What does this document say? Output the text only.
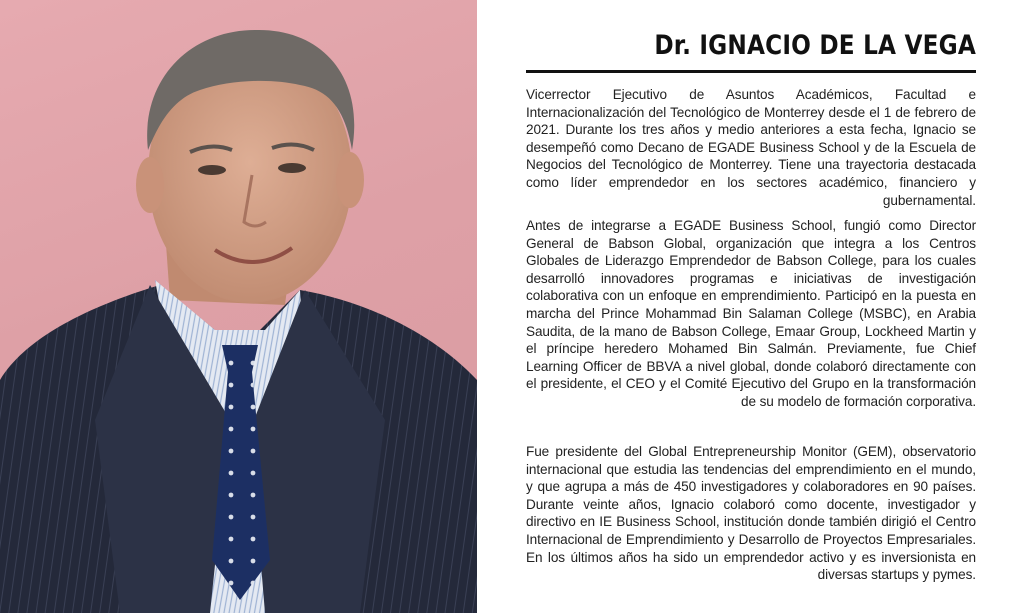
Dr. IGNACIO DE LA VEGA

Vicerrector Ejecutivo de Asuntos Académicos, Facultad e Internacionalización del Tecnológico de Monterrey desde el 1 de febrero de 2021. Durante los tres años y medio anteriores a esta fecha, Ignacio se desempeñó como Decano de EGADE Business School y de la Escuela de Negocios del Tecnológico de Monterrey. Tiene una trayectoria destacada como líder emprendedor en los sectores académico, financiero y gubernamental.

Antes de integrarse a EGADE Business School, fungió como Director General de Babson Global, organización que integra a los Centros Globales de Liderazgo Emprendedor de Babson College, para los cuales desarrolló innovadores programas e iniciativas de investigación colaborativa con un enfoque en emprendimiento. Participó en la puesta en marcha del Prince Mohammad Bin Salaman College (MSBC), en Arabia Saudita, de la mano de Babson College, Emaar Group, Lockheed Martin y el príncipe heredero Mohamed Bin Salmán. Previamente, fue Chief Learning Officer de BBVA a nivel global, donde colaboró directamente con el presidente, el CEO y el Comité Ejecutivo del Grupo en la transformación de su modelo de formación corporativa.

Fue presidente del Global Entrepreneurship Monitor (GEM), observatorio internacional que estudia las tendencias del emprendimiento en el mundo, y que agrupa a más de 450 investigadores y colaboradores en 90 países. Durante veinte años, Ignacio colaboró como docente, investigador y directivo en IE Business School, institución donde también dirigió el Centro Internacional de Emprendimiento y Desarrollo de Proyectos Empresariales. En los últimos años ha sido un emprendedor activo y es inversionista en diversas startups y pymes.
